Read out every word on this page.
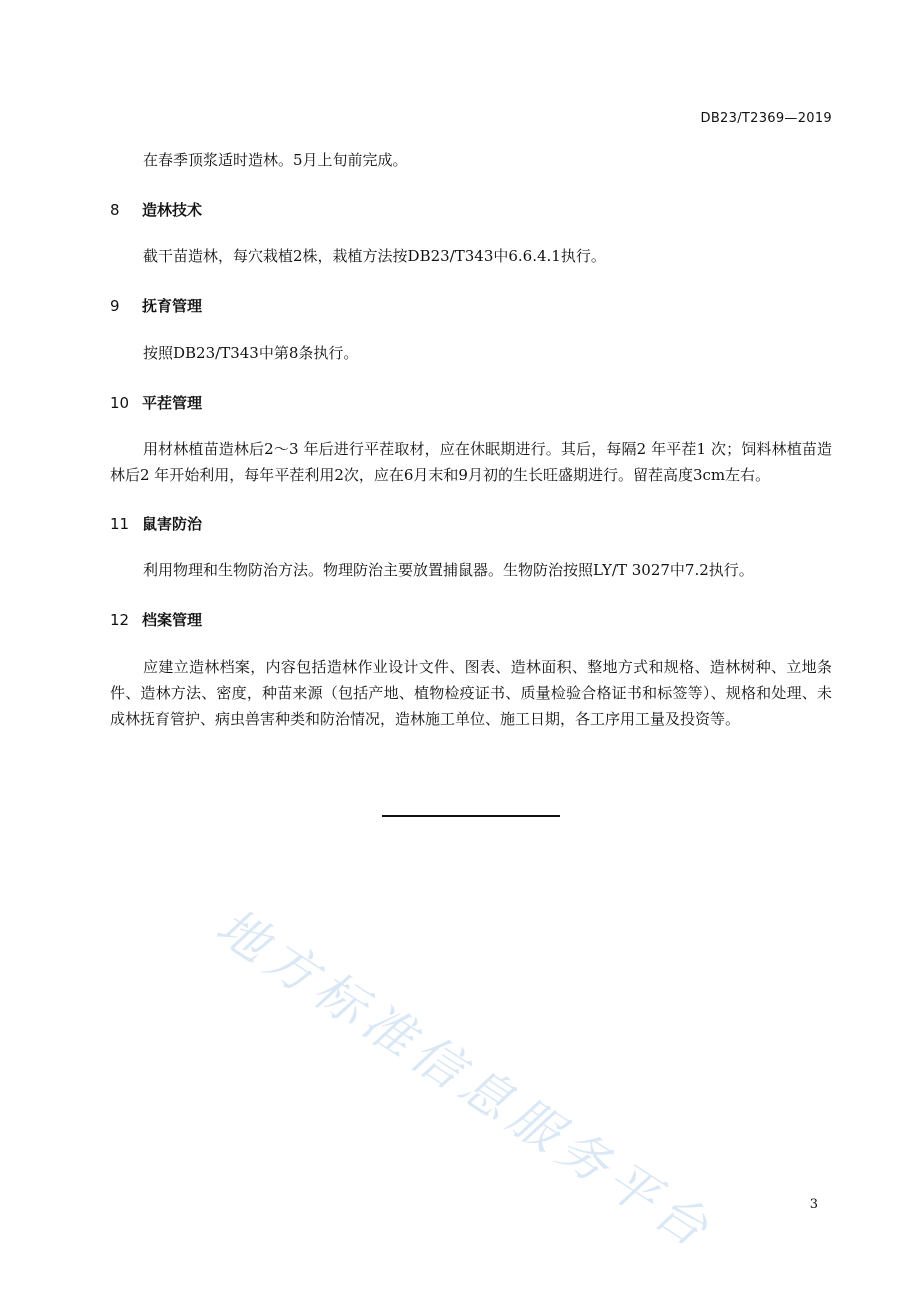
DB23/T2369—2019

在春季顶浆适时造林。5月上旬前完成。

8 造林技术

截干苗造林，每穴栽植2株，栽植方法按DB23/T343中6.6.4.1执行。

9 抚育管理

按照DB23/T343中第8条执行。

10 平茬管理

用材林植苗造林后2～3 年后进行平茬取材，应在休眠期进行。其后，每隔2 年平茬1 次；饲料林植苗造林后2 年开始利用，每年平茬利用2次，应在6月末和9月初的生长旺盛期进行。留茬高度3cm左右。

11 鼠害防治

利用物理和生物防治方法。物理防治主要放置捕鼠器。生物防治按照LY/T 3027中7.2执行。

12 档案管理

应建立造林档案，内容包括造林作业设计文件、图表、造林面积、整地方式和规格、造林树种、立地条件、造林方法、密度，种苗来源（包括产地、植物检疫证书、质量检验合格证书和标签等）、规格和处理、未成林抚育管护、病虫兽害种类和防治情况，造林施工单位、施工日期，各工序用工量及投资等。

地方标准信息服务平台	3
